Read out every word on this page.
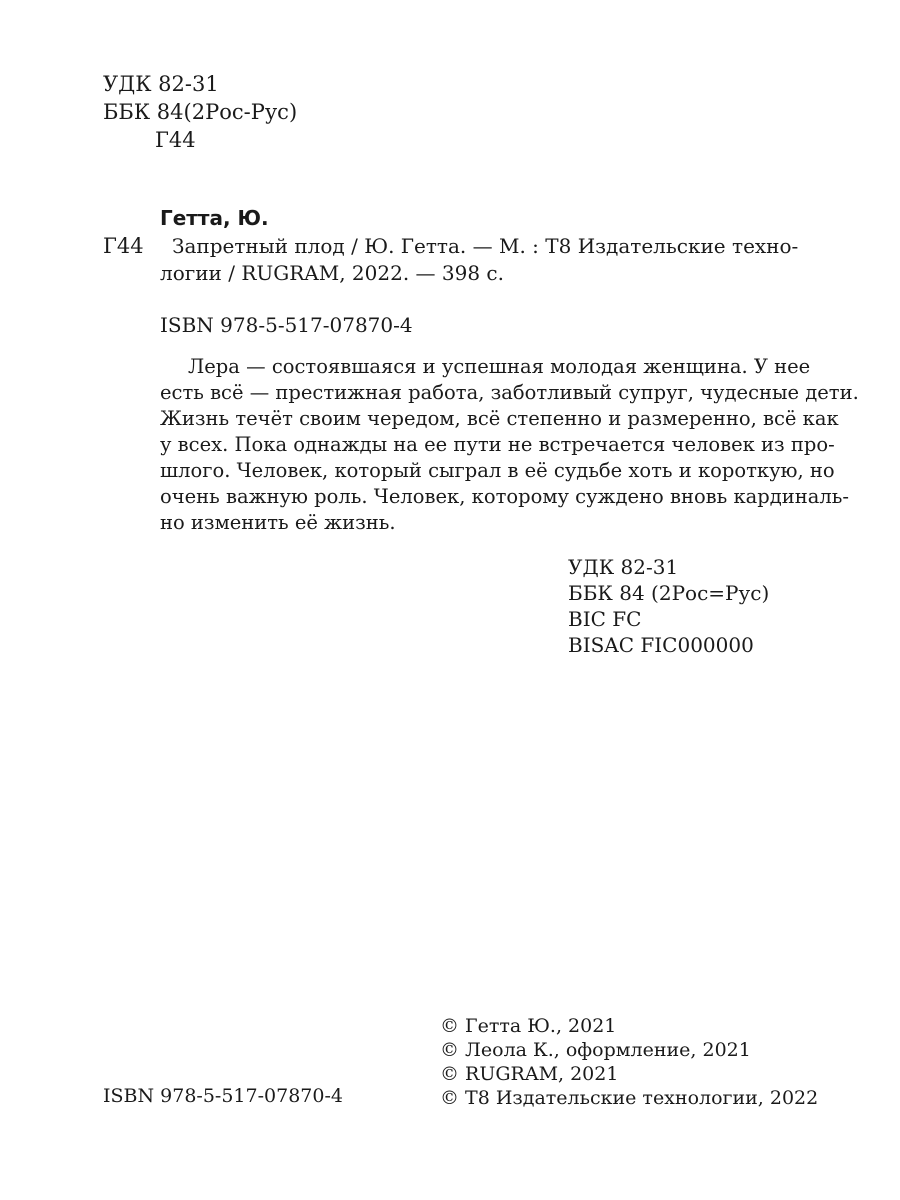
УДК 82-31
ББК 84(2Рос-Рус)
Г44
Гетта, Ю.
Г44 Запретный плод / Ю. Гетта. — М. : Т8 Издательские техно-
логии / RUGRAM, 2022. — 398 с.
ISBN 978-5-517-07870-4
Лера — состоявшаяся и успешная молодая женщина. У нее
есть всё — престижная работа, заботливый супруг, чудесные дети.
Жизнь течёт своим чередом, всё степенно и размеренно, всё как
у всех. Пока однажды на ее пути не встречается человек из про-
шлого. Человек, который сыграл в её судьбе хоть и короткую, но
очень важную роль. Человек, которому суждено вновь кардиналь-
но изменить её жизнь.
УДК 82-31
ББК 84 (2Рос=Рус)
BIC FC
BISAC FIC000000
ISBN 978-5-517-07870-4
© Гетта Ю., 2021
© Леола К., оформление, 2021
© RUGRAM, 2021
© Т8 Издательские технологии, 2022
